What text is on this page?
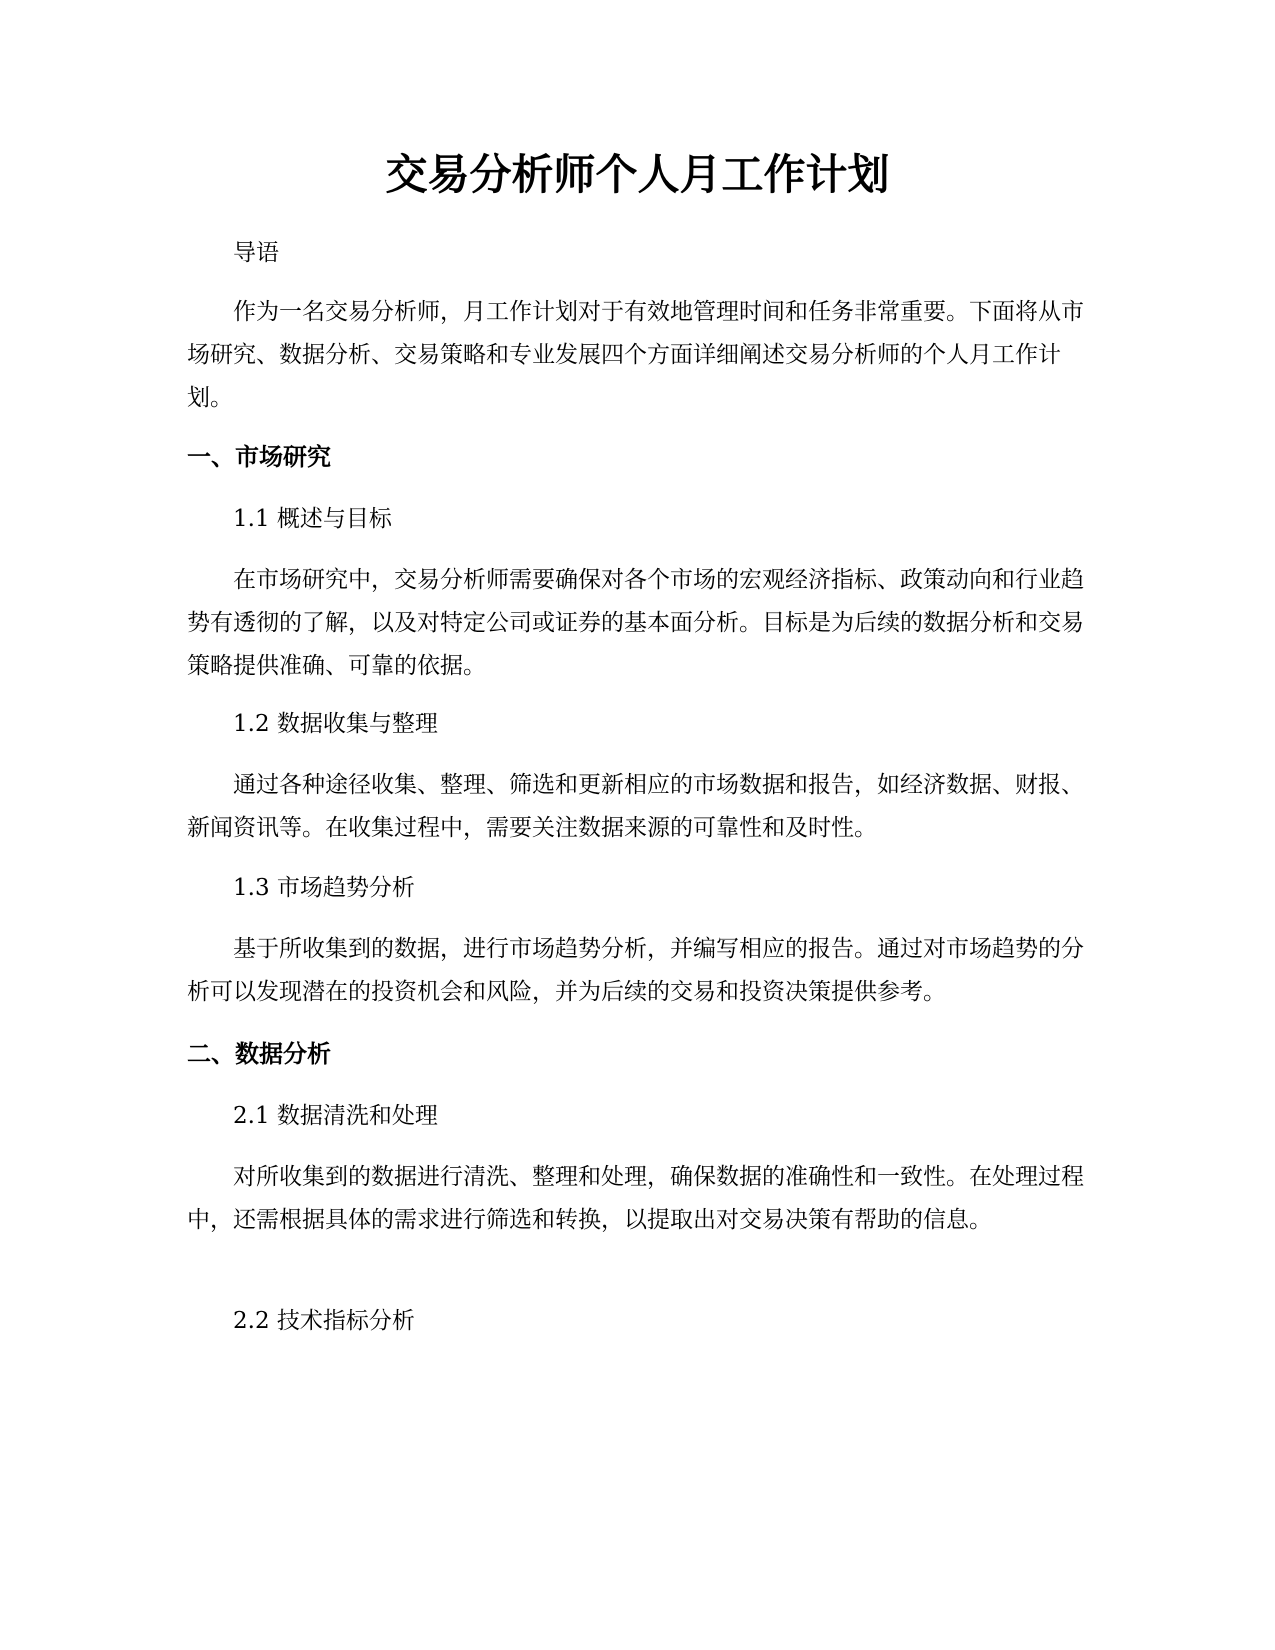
交易分析师个人月工作计划

导语

作为一名交易分析师，月工作计划对于有效地管理时间和任务非常重要。下面将从市场研究、数据分析、交易策略和专业发展四个方面详细阐述交易分析师的个人月工作计划。

一、市场研究

1.1 概述与目标

在市场研究中，交易分析师需要确保对各个市场的宏观经济指标、政策动向和行业趋势有透彻的了解，以及对特定公司或证券的基本面分析。目标是为后续的数据分析和交易策略提供准确、可靠的依据。

1.2 数据收集与整理

通过各种途径收集、整理、筛选和更新相应的市场数据和报告，如经济数据、财报、新闻资讯等。在收集过程中，需要关注数据来源的可靠性和及时性。

1.3 市场趋势分析

基于所收集到的数据，进行市场趋势分析，并编写相应的报告。通过对市场趋势的分析可以发现潜在的投资机会和风险，并为后续的交易和投资决策提供参考。

二、数据分析

2.1 数据清洗和处理

对所收集到的数据进行清洗、整理和处理，确保数据的准确性和一致性。在处理过程中，还需根据具体的需求进行筛选和转换，以提取出对交易决策有帮助的信息。

2.2 技术指标分析
